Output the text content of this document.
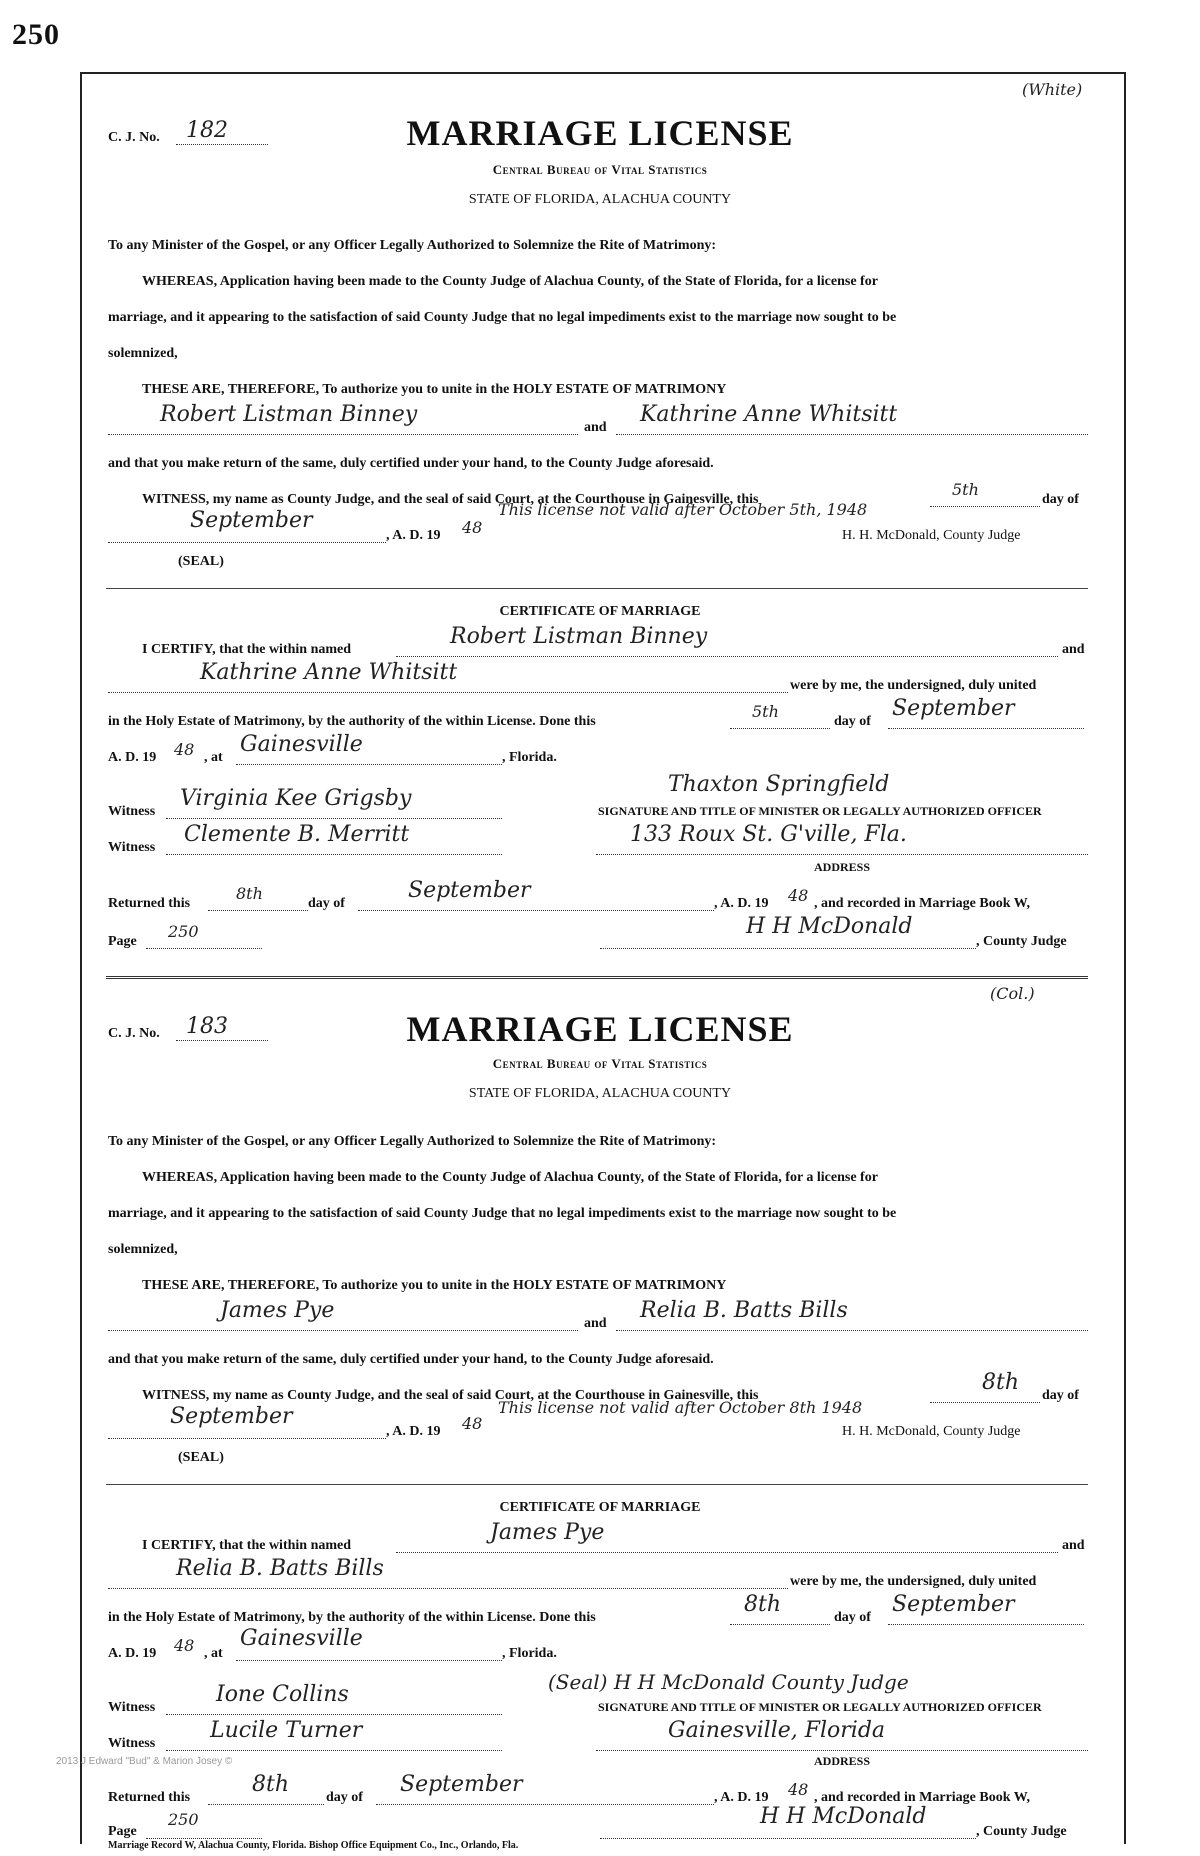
250
(White)
C. J. No. 182	MARRIAGE LICENSE
Central Bureau of Vital Statistics
STATE OF FLORIDA, ALACHUA COUNTY
To any Minister of the Gospel, or any Officer Legally Authorized to Solemnize the Rite of Matrimony:
WHEREAS, Application having been made to the County Judge of Alachua County, of the State of Florida, for a license for
marriage, and it appearing to the satisfaction of said County Judge that no legal impediments exist to the marriage now sought to be
solemnized,
THESE ARE, THEREFORE, To authorize you to unite in the HOLY ESTATE OF MATRIMONY
Robert Listman Binney
and
Kathrine Anne Whitsitt
and that you make return of the same, duly certified under your hand, to the County Judge aforesaid.
WITNESS, my name as County Judge, and the seal of said Court, at the Courthouse in Gainesville, this
5th
day of
September
, A. D. 19 48
This license not valid after October 5th, 1948
H. H. McDonald, County Judge
(SEAL)
CERTIFICATE OF MARRIAGE
I CERTIFY, that the within named
Robert Listman Binney
and
Kathrine Anne Whitsitt
were by me, the undersigned, duly united
in the Holy Estate of Matrimony, by the authority of the within License. Done this
5th
day of
September
A. D. 19 48 , at
Gainesville
, Florida.
Thaxton Springfield
Witness
Virginia Kee Grigsby	SIGNATURE AND TITLE OF MINISTER OR LEGALLY AUTHORIZED OFFICER
Witness
Clemente B. Merritt	133 Roux St. G'ville, Fla.
ADDRESS
Returned this
8th
day of
September
, A. D. 19 48 , and recorded in Marriage Book W,
Page
250	H H McDonald
, County Judge
(Col.)
C. J. No. 183	MARRIAGE LICENSE
Central Bureau of Vital Statistics
STATE OF FLORIDA, ALACHUA COUNTY
To any Minister of the Gospel, or any Officer Legally Authorized to Solemnize the Rite of Matrimony:
WHEREAS, Application having been made to the County Judge of Alachua County, of the State of Florida, for a license for
marriage, and it appearing to the satisfaction of said County Judge that no legal impediments exist to the marriage now sought to be
solemnized,
THESE ARE, THEREFORE, To authorize you to unite in the HOLY ESTATE OF MATRIMONY
James Pye
and
Relia B. Batts Bills
and that you make return of the same, duly certified under your hand, to the County Judge aforesaid.
WITNESS, my name as County Judge, and the seal of said Court, at the Courthouse in Gainesville, this
8th
day of
September
, A. D. 19 48
This license not valid after October 8th 1948
H. H. McDonald, County Judge
(SEAL)
CERTIFICATE OF MARRIAGE
I CERTIFY, that the within named
James Pye
and
Relia B. Batts Bills
were by me, the undersigned, duly united
in the Holy Estate of Matrimony, by the authority of the within License. Done this
8th
day of
September
A. D. 19 48 , at
Gainesville
, Florida.
(Seal) H H McDonald County Judge
Witness
Ione Collins	SIGNATURE AND TITLE OF MINISTER OR LEGALLY AUTHORIZED OFFICER
Witness
Lucile Turner	Gainesville, Florida
ADDRESS
Returned this
8th
day of
September
, A. D. 19 48 , and recorded in Marriage Book W,
Page
250	H H McDonald
, County Judge
2013 J Edward "Bud" & Marion Josey ©
Marriage Record W, Alachua County, Florida. Bishop Office Equipment Co., Inc., Orlando, Fla.
